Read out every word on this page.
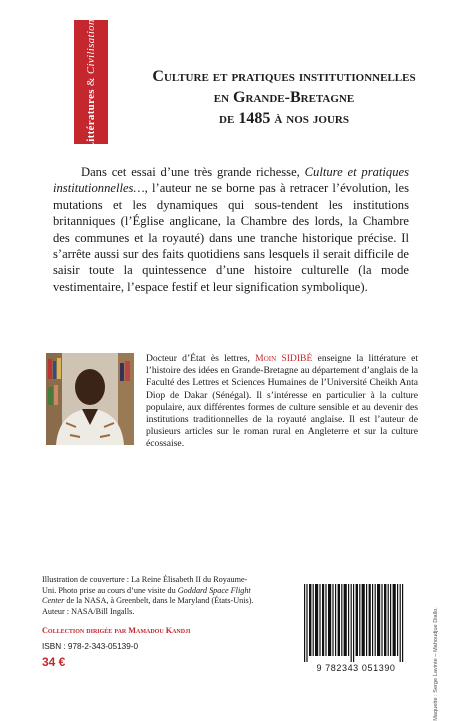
Littératures & Civilisations
Culture et pratiques institutionnelles
en Grande-Bretagne
de 1485 à nos jours
Dans cet essai d’une très grande richesse, Culture et pratiques institutionnelles…, l’auteur ne se borne pas à retracer l’évolution, les mutations et les dynamiques qui sous-tendent les institutions britanniques (l’Église anglicane, la Chambre des lords, la Chambre des communes et la royauté) dans une tranche historique précise. Il s’arrête aussi sur des faits quotidiens sans lesquels il serait difficile de saisir toute la quintessence d’une histoire culturelle (la mode vestimentaire, l’espace festif et leur signification symbolique).
Docteur d’État ès lettres, Moin SIDIBÉ enseigne la littérature et l’histoire des idées en Grande-Bretagne au département d’anglais de la Faculté des Lettres et Sciences Humaines de l’Université Cheikh Anta Diop de Dakar (Sénégal). Il s’intéresse en particulier à la culture populaire, aux différentes formes de culture sensible et au devenir des institutions traditionnelles de la royauté anglaise. Il est l’auteur de plusieurs articles sur le roman rural en Angleterre et sur la culture écossaise.
Illustration de couverture : La Reine Élisabeth II du Royaume-Uni. Photo prise au cours d’une visite du Goddard Space Flight Center de la NASA, à Greenbelt, dans le Maryland (États-Unis). Auteur : NASA/Bill Ingalls.
Collection dirigée par Mamadou Kandji
ISBN : 978-2-343-05139-0
34 €	9 782343 051390	Maquette : Serge Lavinte – Mahoudjue Diallo.
